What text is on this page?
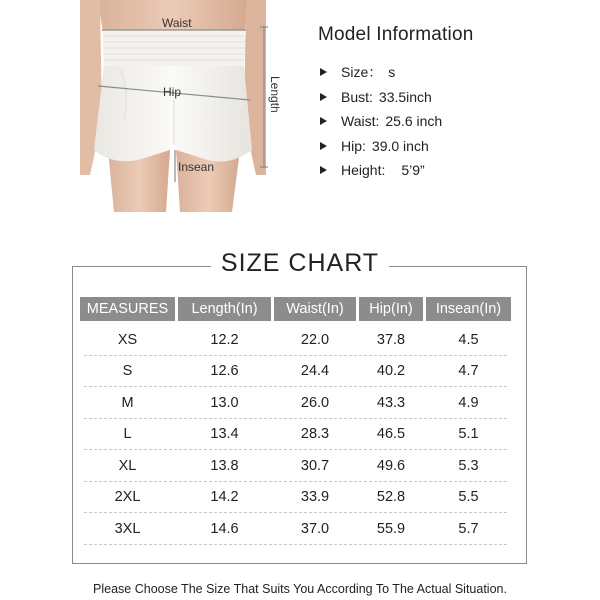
Waist
Hip
Insean
Length
Model Information
Size： s
Bust: 33.5inch
Waist: 25.6 inch
Hip: 39.0 inch
Height: 5’9”
SIZE CHART
MEASURES	Length(In)	Waist(In)	Hip(In)	Insean(In)
XS	12.2	22.0	37.8	4.5
S	12.6	24.4	40.2	4.7
M	13.0	26.0	43.3	4.9
L	13.4	28.3	46.5	5.1
XL	13.8	30.7	49.6	5.3
2XL	14.2	33.9	52.8	5.5
3XL	14.6	37.0	55.9	5.7
Please Choose The Size That Suits You According To The Actual Situation.
